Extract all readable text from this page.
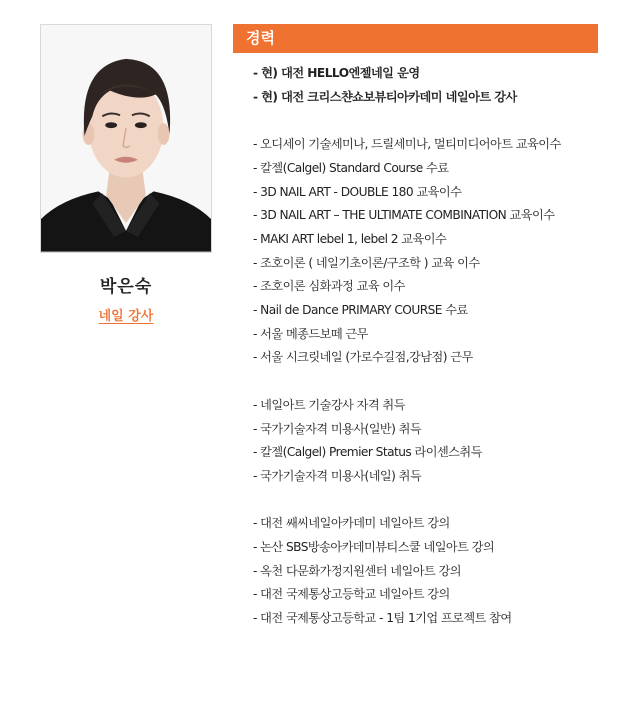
박은숙
네일 강사
경력
- 현) 대전 HELLO엔젤네일 운영
- 현) 대전 크리스챤쇼보뷰티아카데미 네일아트 강사
- 오디세이 기술세미나, 드릴세미나, 멀티미디어아트 교육이수
- 칼젤(Calgel) Standard Course 수료
- 3D NAIL ART - DOUBLE 180 교육이수
- 3D NAIL ART – THE ULTIMATE COMBINATION 교육이수
- MAKI ART lebel 1, lebel 2 교육이수
- 조호이론 ( 네일기초이론/구조학 ) 교육 이수
- 조호이론 심화과정 교육 이수
- Nail de Dance PRIMARY COURSE 수료
- 서울 메종드보떼 근무
- 서울 시크릿네일 (가로수길점,강남점) 근무
- 네일아트 기술강사 자격 취득
- 국가기술자격 미용사(일반) 취득
- 칼젤(Calgel) Premier Status 라이센스취득
- 국가기술자격 미용사(네일) 취득
- 대전 쌔씨네일아카데미 네일아트 강의
- 논산 SBS방송아카데미뷰티스쿨 네일아트 강의
- 옥천 다문화가정지원센터 네일아트 강의
- 대전 국제통상고등학교 네일아트 강의
- 대전 국제통상고등학교 - 1팀 1기업 프로젝트 참여
